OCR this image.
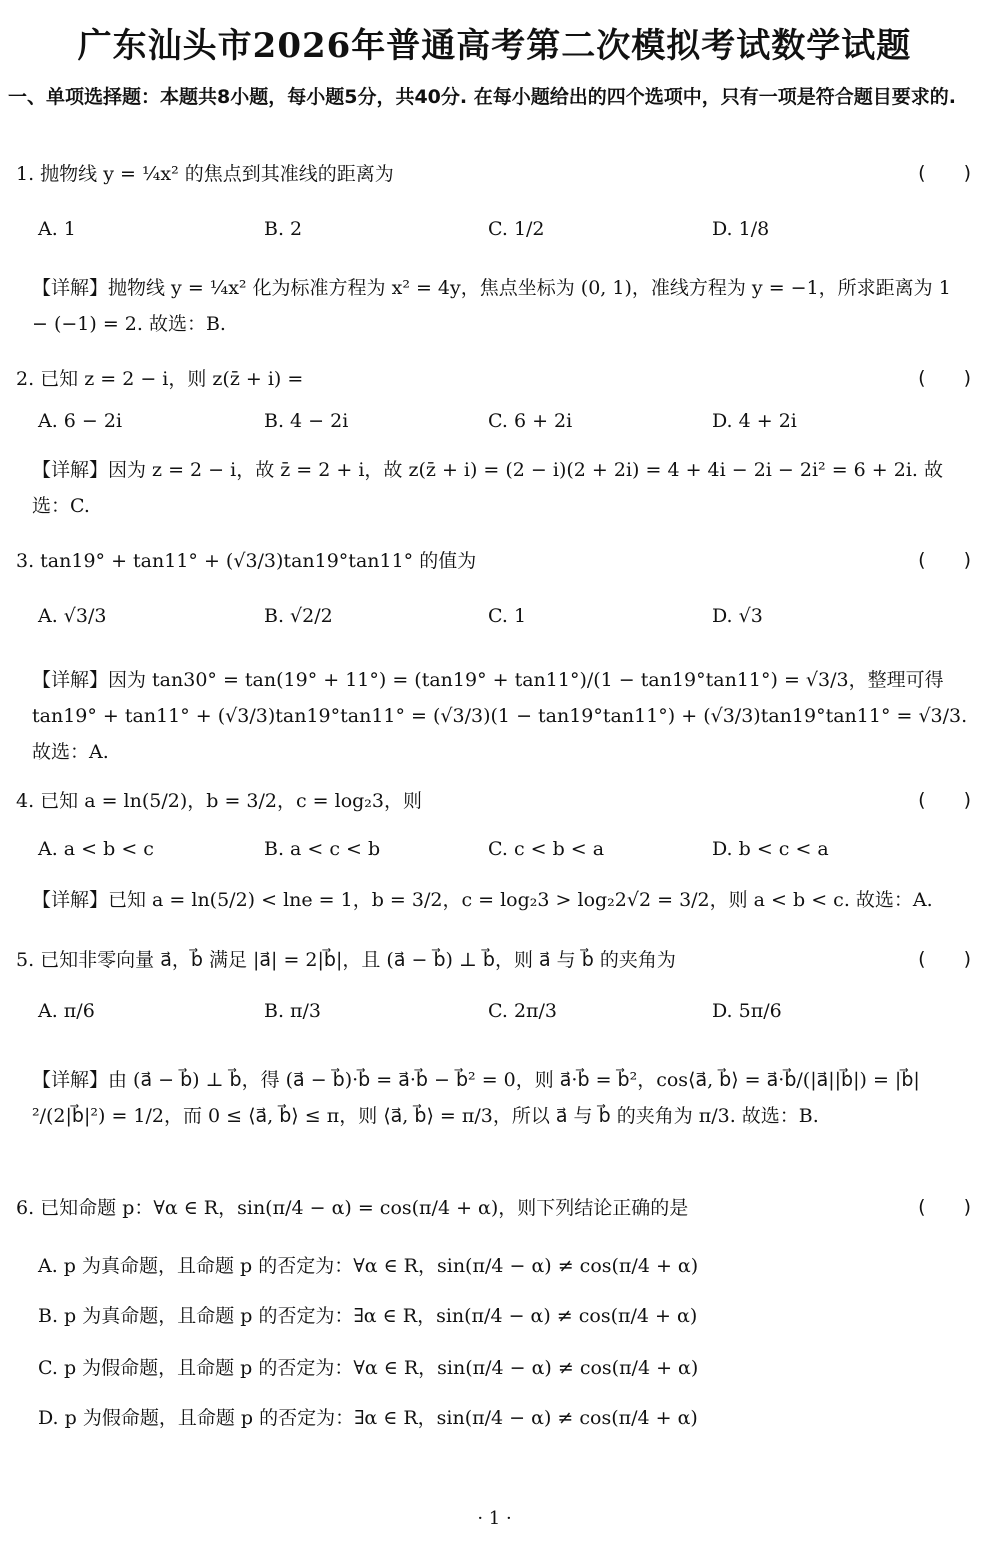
广东汕头市2026年普通高考第二次模拟考试数学试题
一、单项选择题：本题共8小题，每小题5分，共40分. 在每小题给出的四个选项中，只有一项是符合题目要求的.
1. 抛物线 y = ¼x² 的焦点到其准线的距离为	(　　)
A. 1	B. 2	C. 1/2	D. 1/8
【详解】抛物线 y = ¼x² 化为标准方程为 x² = 4y，焦点坐标为 (0, 1)，准线方程为 y = −1，所求距离为 1 − (−1) = 2. 故选：B.
2. 已知 z = 2 − i，则 z(z̄ + i) =	(　　)
A. 6 − 2i	B. 4 − 2i	C. 6 + 2i	D. 4 + 2i
【详解】因为 z = 2 − i，故 z̄ = 2 + i，故 z(z̄ + i) = (2 − i)(2 + 2i) = 4 + 4i − 2i − 2i² = 6 + 2i. 故选：C.
3. tan19° + tan11° + (√3/3)tan19°tan11° 的值为	(　　)
A. √3/3	B. √2/2	C. 1	D. √3
【详解】因为 tan30° = tan(19° + 11°) = (tan19° + tan11°)/(1 − tan19°tan11°) = √3/3，整理可得 tan19° + tan11° + (√3/3)tan19°tan11° = (√3/3)(1 − tan19°tan11°) + (√3/3)tan19°tan11° = √3/3. 故选：A.
4. 已知 a = ln(5/2)，b = 3/2，c = log₂3，则	(　　)
A. a < b < c	B. a < c < b	C. c < b < a	D. b < c < a
【详解】已知 a = ln(5/2) < lne = 1，b = 3/2，c = log₂3 > log₂2√2 = 3/2，则 a < b < c. 故选：A.
5. 已知非零向量 a⃗，b⃗ 满足 |a⃗| = 2|b⃗|，且 (a⃗ − b⃗) ⊥ b⃗，则 a⃗ 与 b⃗ 的夹角为	(　　)
A. π/6	B. π/3	C. 2π/3	D. 5π/6
【详解】由 (a⃗ − b⃗) ⊥ b⃗，得 (a⃗ − b⃗)·b⃗ = a⃗·b⃗ − b⃗² = 0，则 a⃗·b⃗ = b⃗²，cos⟨a⃗, b⃗⟩ = a⃗·b⃗/(|a⃗||b⃗|) = |b⃗|²/(2|b⃗|²) = 1/2，而 0 ≤ ⟨a⃗, b⃗⟩ ≤ π，则 ⟨a⃗, b⃗⟩ = π/3，所以 a⃗ 与 b⃗ 的夹角为 π/3. 故选：B.
6. 已知命题 p：∀α ∈ R，sin(π/4 − α) = cos(π/4 + α)，则下列结论正确的是	(　　)
A. p 为真命题，且命题 p 的否定为：∀α ∈ R，sin(π/4 − α) ≠ cos(π/4 + α)
B. p 为真命题，且命题 p 的否定为：∃α ∈ R，sin(π/4 − α) ≠ cos(π/4 + α)
C. p 为假命题，且命题 p 的否定为：∀α ∈ R，sin(π/4 − α) ≠ cos(π/4 + α)
D. p 为假命题，且命题 p 的否定为：∃α ∈ R，sin(π/4 − α) ≠ cos(π/4 + α)
· 1 ·
